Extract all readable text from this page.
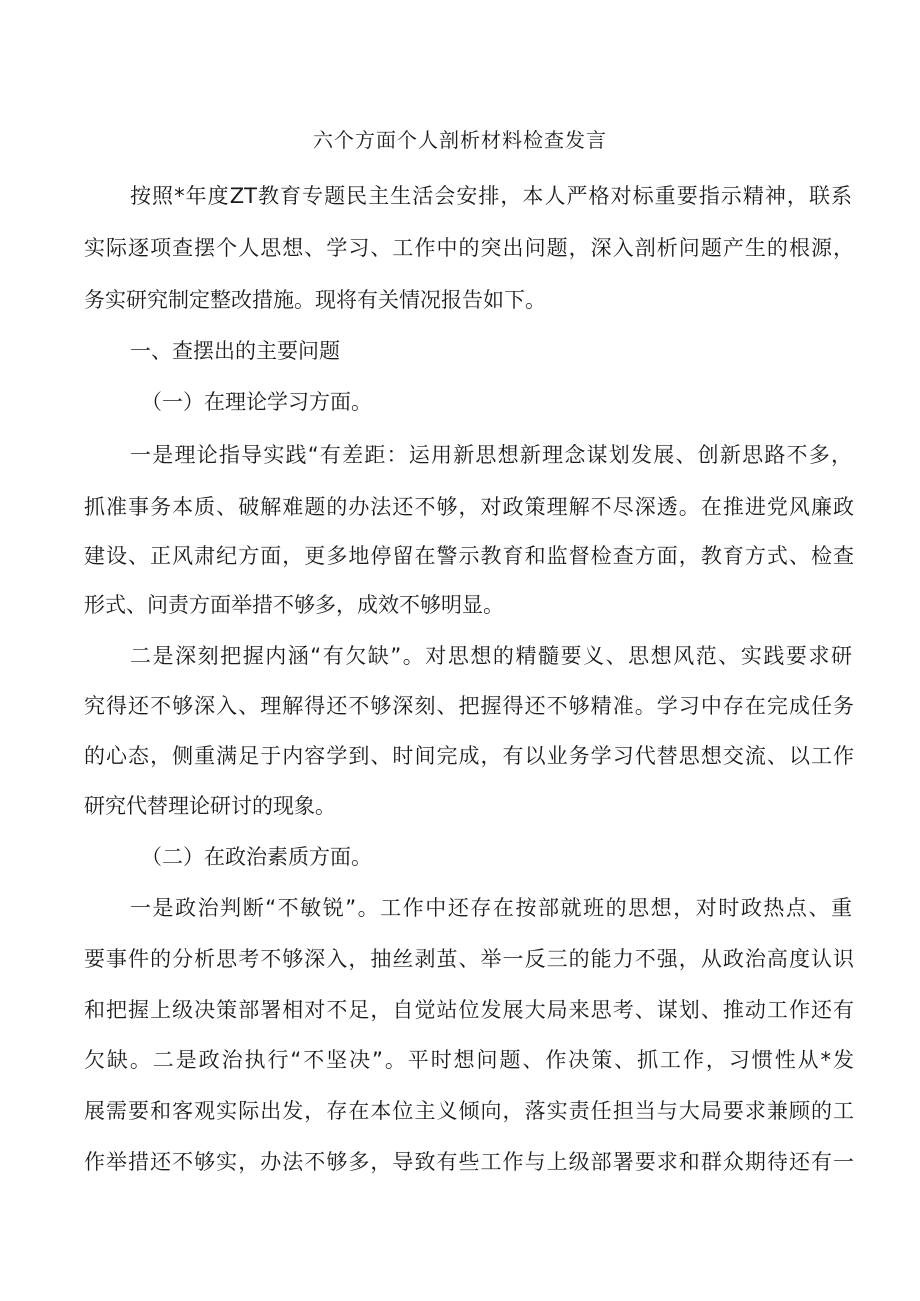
六个方面个人剖析材料检查发言
按照*年度ZT教育专题民主生活会安排，本人严格对标重要指示精神，联系
实际逐项查摆个人思想、学习、工作中的突出问题，深入剖析问题产生的根源，
务实研究制定整改措施。现将有关情况报告如下。
一、查摆出的主要问题
（一）在理论学习方面。
一是理论指导实践“有差距：运用新思想新理念谋划发展、创新思路不多，
抓准事务本质、破解难题的办法还不够，对政策理解不尽深透。在推进党风廉政
建设、正风肃纪方面，更多地停留在警示教育和监督检查方面，教育方式、检查
形式、问责方面举措不够多，成效不够明显。
二是深刻把握内涵“有欠缺”。对思想的精髓要义、思想风范、实践要求研
究得还不够深入、理解得还不够深刻、把握得还不够精准。学习中存在完成任务
的心态，侧重满足于内容学到、时间完成，有以业务学习代替思想交流、以工作
研究代替理论研讨的现象。
（二）在政治素质方面。
一是政治判断“不敏锐”。工作中还存在按部就班的思想，对时政热点、重
要事件的分析思考不够深入，抽丝剥茧、举一反三的能力不强，从政治高度认识
和把握上级决策部署相对不足，自觉站位发展大局来思考、谋划、推动工作还有
欠缺。二是政治执行“不坚决”。平时想问题、作决策、抓工作，习惯性从*发
展需要和客观实际出发，存在本位主义倾向，落实责任担当与大局要求兼顾的工
作举措还不够实，办法不够多，导致有些工作与上级部署要求和群众期待还有一
